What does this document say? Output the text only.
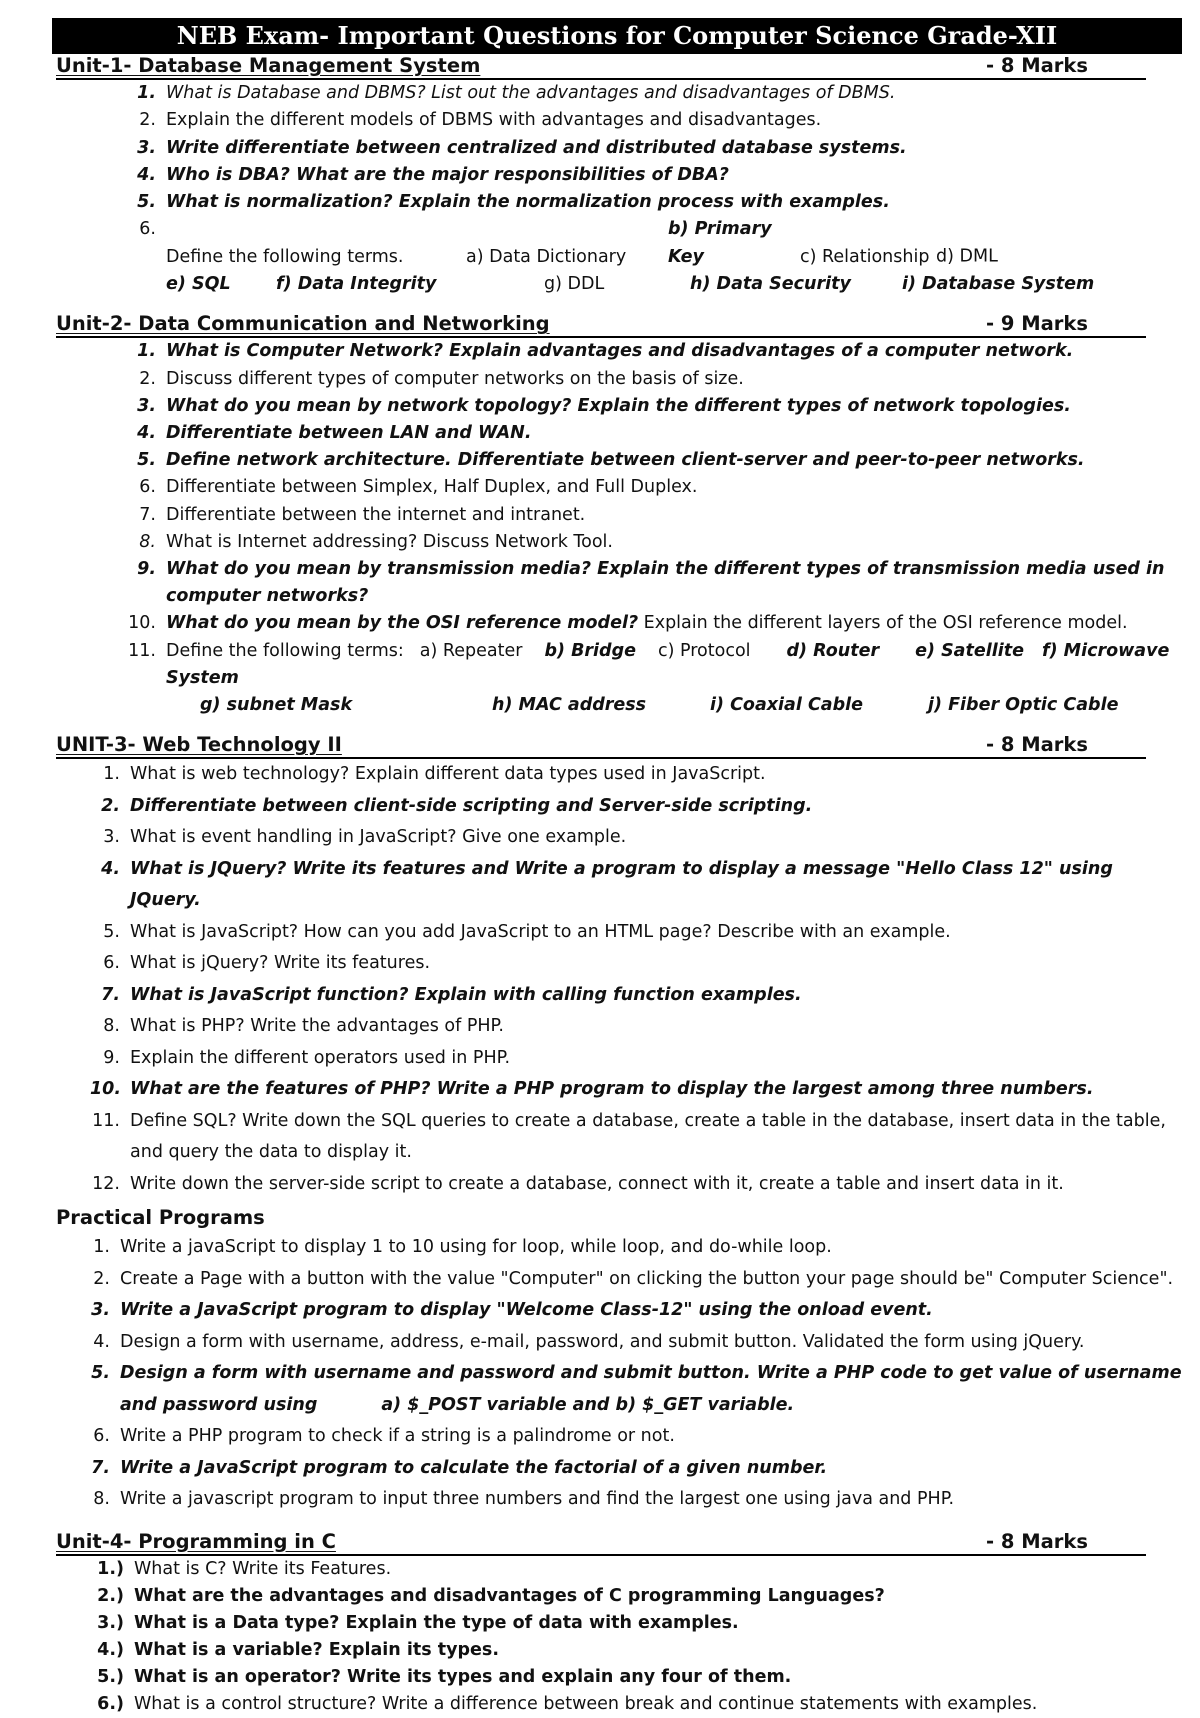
NEB Exam- Important Questions for Computer Science Grade-XII
Unit-1- Database Management System	- 8 Marks
1. What is Database and DBMS? List out the advantages and disadvantages of DBMS.
2. Explain the different models of DBMS with advantages and disadvantages.
3. Write differentiate between centralized and distributed database systems.
4. Who is DBA? What are the major responsibilities of DBA?
5. What is normalization? Explain the normalization process with examples.
6.
Define the following terms.	a) Data Dictionaryb) Primary Key	c) Relationship d) DML
e) SQL	f) Data Integrity	g) DDL	h) Data Security	i) Database System
Unit-2- Data Communication and Networking	- 9 Marks
1. What is Computer Network? Explain advantages and disadvantages of a computer network.
2. Discuss different types of computer networks on the basis of size.
3. What do you mean by network topology? Explain the different types of network topologies.
4. Differentiate between LAN and WAN.
5. Define network architecture. Differentiate between client-server and peer-to-peer networks.
6. Differentiate between Simplex, Half Duplex, and Full Duplex.
7. Differentiate between the internet and intranet.
8. What is Internet addressing? Discuss Network Tool.
9. What do you mean by transmission media? Explain the different types of transmission media used in computer networks?
10. What do you mean by the OSI reference model? Explain the different layers of the OSI reference model.
11. Define the following terms: a) Repeater b) Bridge c) Protocol d) Router e) Satellite f) Microwave System
g) subnet Mask	h) MAC address	i) Coaxial Cable	j) Fiber Optic Cable
UNIT-3- Web Technology II	- 8 Marks
1. What is web technology? Explain different data types used in JavaScript.
2. Differentiate between client-side scripting and Server-side scripting.
3. What is event handling in JavaScript? Give one example.
4. What is JQuery? Write its features and Write a program to display a message "Hello Class 12" using JQuery.
5. What is JavaScript? How can you add JavaScript to an HTML page? Describe with an example.
6. What is jQuery? Write its features.
7. What is JavaScript function? Explain with calling function examples.
8. What is PHP? Write the advantages of PHP.
9. Explain the different operators used in PHP.
10. What are the features of PHP? Write a PHP program to display the largest among three numbers.
11. Define SQL? Write down the SQL queries to create a database, create a table in the database, insert data in the table, and query the data to display it.
12. Write down the server-side script to create a database, connect with it, create a table and insert data in it.
Practical Programs
1. Write a javaScript to display 1 to 10 using for loop, while loop, and do-while loop.
2. Create a Page with a button with the value "Computer" on clicking the button your page should be" Computer Science".
3. Write a JavaScript program to display "Welcome Class-12" using the onload event.
4. Design a form with username, address, e-mail, password, and submit button. Validated the form using jQuery.
5. Design a form with username and password and submit button. Write a PHP code to get value of username and password using	a) $_POST variable and b) $_GET variable.
6. Write a PHP program to check if a string is a palindrome or not.
7. Write a JavaScript program to calculate the factorial of a given number.
8. Write a javascript program to input three numbers and find the largest one using java and PHP.
Unit-4- Programming in C	- 8 Marks
1.) What is C? Write its Features.
2.) What are the advantages and disadvantages of C programming Languages?
3.) What is a Data type? Explain the type of data with examples.
4.) What is a variable? Explain its types.
5.) What is an operator? Write its types and explain any four of them.
6.) What is a control structure? Write a difference between break and continue statements with examples.
